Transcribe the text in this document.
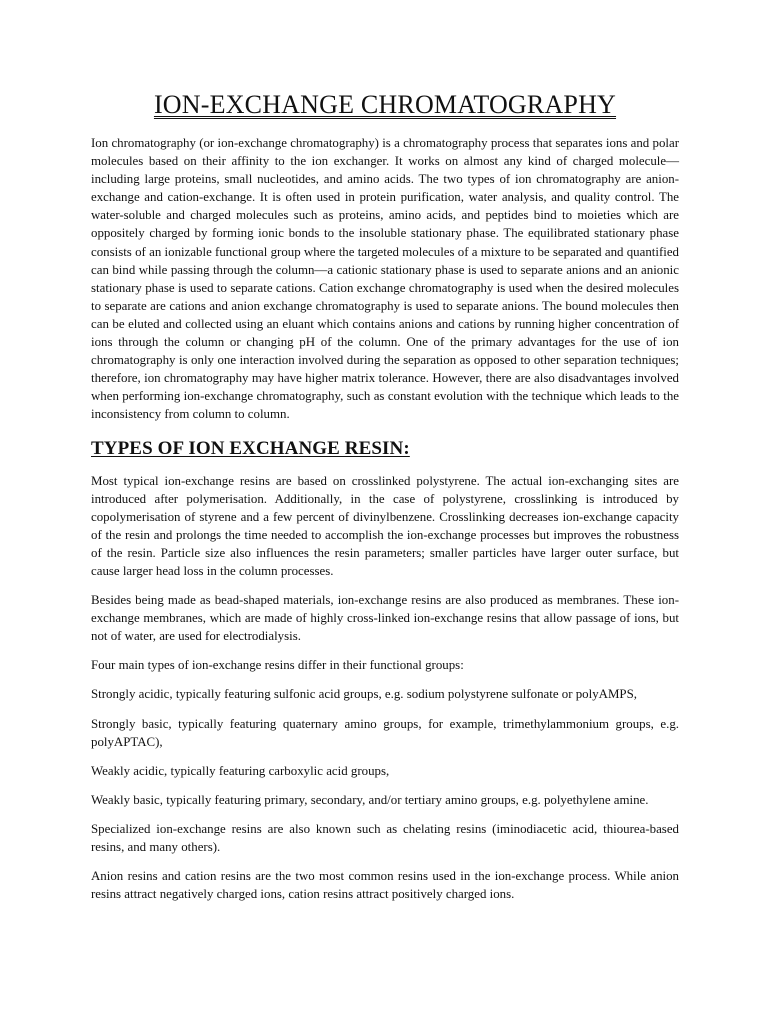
ION-EXCHANGE CHROMATOGRAPHY

Ion chromatography (or ion-exchange chromatography) is a chromatography process that separates ions and polar molecules based on their affinity to the ion exchanger. It works on almost any kind of charged molecule—including large proteins, small nucleotides, and amino acids. The two types of ion chromatography are anion-exchange and cation-exchange. It is often used in protein purification, water analysis, and quality control. The water-soluble and charged molecules such as proteins, amino acids, and peptides bind to moieties which are oppositely charged by forming ionic bonds to the insoluble stationary phase. The equilibrated stationary phase consists of an ionizable functional group where the targeted molecules of a mixture to be separated and quantified can bind while passing through the column—a cationic stationary phase is used to separate anions and an anionic stationary phase is used to separate cations. Cation exchange chromatography is used when the desired molecules to separate are cations and anion exchange chromatography is used to separate anions. The bound molecules then can be eluted and collected using an eluant which contains anions and cations by running higher concentration of ions through the column or changing pH of the column. One of the primary advantages for the use of ion chromatography is only one interaction involved during the separation as opposed to other separation techniques; therefore, ion chromatography may have higher matrix tolerance. However, there are also disadvantages involved when performing ion-exchange chromatography, such as constant evolution with the technique which leads to the inconsistency from column to column.

TYPES OF ION EXCHANGE RESIN:

Most typical ion-exchange resins are based on crosslinked polystyrene. The actual ion-exchanging sites are introduced after polymerisation. Additionally, in the case of polystyrene, crosslinking is introduced by copolymerisation of styrene and a few percent of divinylbenzene. Crosslinking decreases ion-exchange capacity of the resin and prolongs the time needed to accomplish the ion-exchange processes but improves the robustness of the resin. Particle size also influences the resin parameters; smaller particles have larger outer surface, but cause larger head loss in the column processes.

Besides being made as bead-shaped materials, ion-exchange resins are also produced as membranes. These ion-exchange membranes, which are made of highly cross-linked ion-exchange resins that allow passage of ions, but not of water, are used for electrodialysis.

Four main types of ion-exchange resins differ in their functional groups:

Strongly acidic, typically featuring sulfonic acid groups, e.g. sodium polystyrene sulfonate or polyAMPS,

Strongly basic, typically featuring quaternary amino groups, for example, trimethylammonium groups, e.g. polyAPTAC),

Weakly acidic, typically featuring carboxylic acid groups,

Weakly basic, typically featuring primary, secondary, and/or tertiary amino groups, e.g. polyethylene amine.

Specialized ion-exchange resins are also known such as chelating resins (iminodiacetic acid, thiourea-based resins, and many others).

Anion resins and cation resins are the two most common resins used in the ion-exchange process. While anion resins attract negatively charged ions, cation resins attract positively charged ions.
